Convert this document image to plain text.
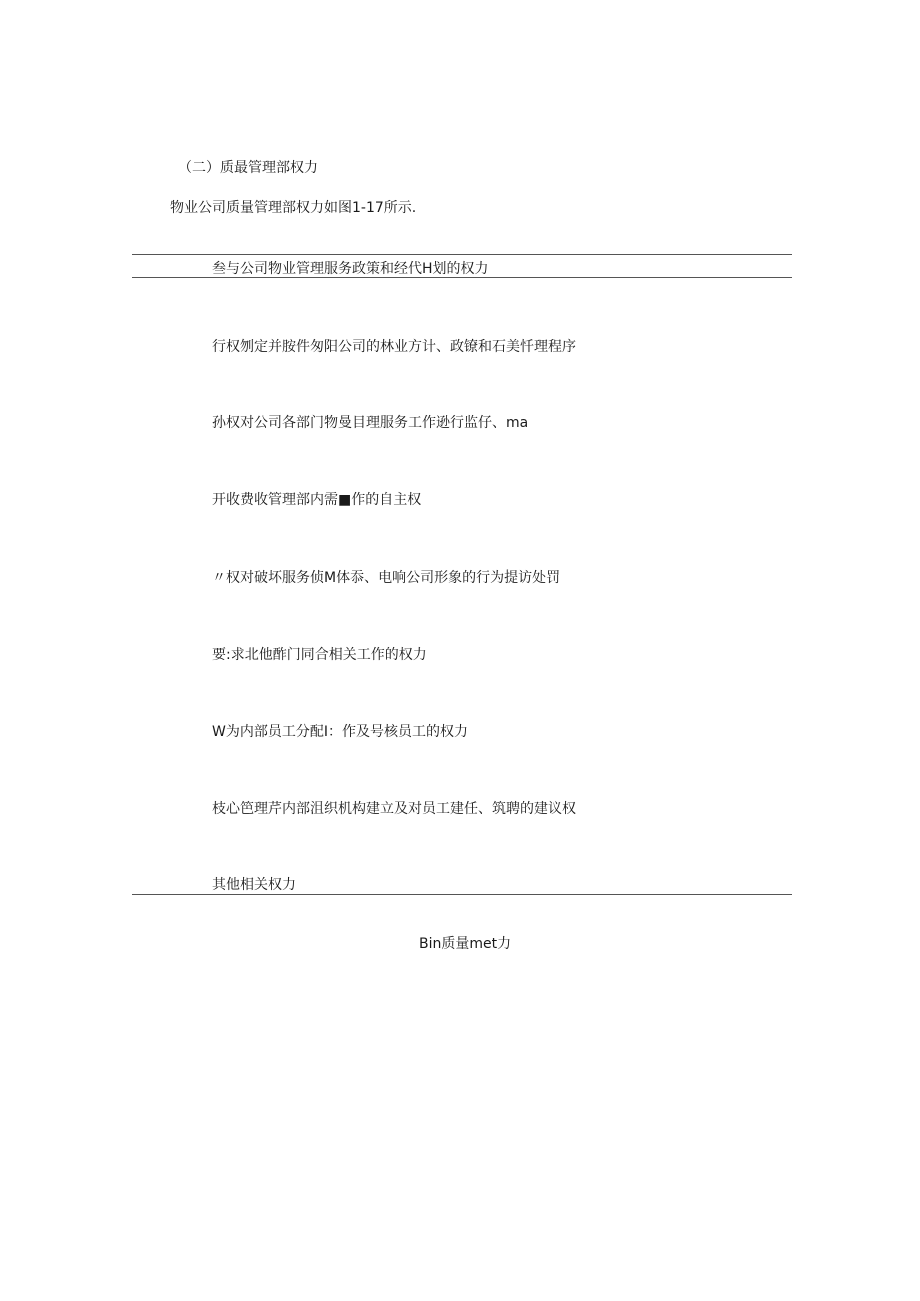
（二）质最管理部权力
物业公司质量管理部权力如图1-17所示.
叁与公司物业管理服务政策和经代H划的权力
行权刎定并胺件匆阳公司的林业方计、政镣和石美忏理程序
孙权对公司各部门物曼目理服务工作逊行监仔、ma
开收费收管理部内需■作的自主权
〃权对破坏服务侦M体忝、电响公司形象的行为提访处罚
要:求北他酢门同合相关工作的权力
W为内部员工分配I：作及号核员工的权力
枝心笆理芹内部沮织机构建立及对员工建任、筑聘的建议权
其他相关权力
Bin质量met力
